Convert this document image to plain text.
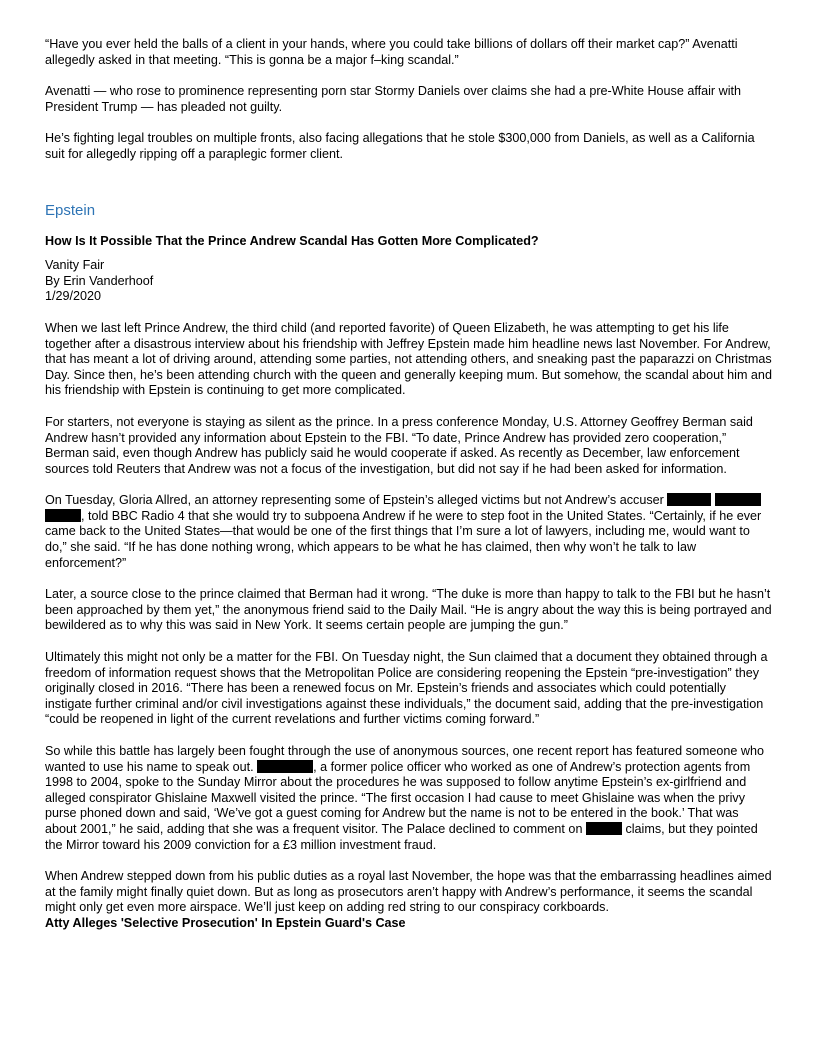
“Have you ever held the balls of a client in your hands, where you could take billions of dollars off their market cap?” Avenatti allegedly asked in that meeting. “This is gonna be a major f–king scandal.”

Avenatti — who rose to prominence representing porn star Stormy Daniels over claims she had a pre-White House affair with President Trump — has pleaded not guilty.

He’s fighting legal troubles on multiple fronts, also facing allegations that he stole $300,000 from Daniels, as well as a California suit for allegedly ripping off a paraplegic former client.

Epstein
How Is It Possible That the Prince Andrew Scandal Has Gotten More Complicated?
Vanity Fair
By Erin Vanderhoof
1/29/2020

When we last left Prince Andrew, the third child (and reported favorite) of Queen Elizabeth, he was attempting to get his life together after a disastrous interview about his friendship with Jeffrey Epstein made him headline news last November. For Andrew, that has meant a lot of driving around, attending some parties, not attending others, and sneaking past the paparazzi on Christmas Day. Since then, he’s been attending church with the queen and generally keeping mum. But somehow, the scandal about him and his friendship with Epstein is continuing to get more complicated.

For starters, not everyone is staying as silent as the prince. In a press conference Monday, U.S. Attorney Geoffrey Berman said Andrew hasn’t provided any information about Epstein to the FBI. “To date, Prince Andrew has provided zero cooperation,” Berman said, even though Andrew has publicly said he would cooperate if asked. As recently as December, law enforcement sources told Reuters that Andrew was not a focus of the investigation, but did not say if he had been asked for information.

On Tuesday, Gloria Allred, an attorney representing some of Epstein’s alleged victims but not Andrew’s accuser   , told BBC Radio 4 that she would try to subpoena Andrew if he were to step foot in the United States. “Certainly, if he ever came back to the United States—that would be one of the first things that I’m sure a lot of lawyers, including me, would want to do,” she said. “If he has done nothing wrong, which appears to be what he has claimed, then why won’t he talk to law enforcement?”

Later, a source close to the prince claimed that Berman had it wrong. “The duke is more than happy to talk to the FBI but he hasn’t been approached by them yet,” the anonymous friend said to the Daily Mail. “He is angry about the way this is being portrayed and bewildered as to why this was said in New York. It seems certain people are jumping the gun.”

Ultimately this might not only be a matter for the FBI. On Tuesday night, the Sun claimed that a document they obtained through a freedom of information request shows that the Metropolitan Police are considering reopening the Epstein “pre-investigation” they originally closed in 2016. “There has been a renewed focus on Mr. Epstein’s friends and associates which could potentially instigate further criminal and/or civil investigations against these individuals,” the document said, adding that the pre-investigation “could be reopened in light of the current revelations and further victims coming forward.”

So while this battle has largely been fought through the use of anonymous sources, one recent report has featured someone who wanted to use his name to speak out.	, a former police officer who worked as one of Andrew’s protection agents from 1998 to 2004, spoke to the Sunday Mirror about the procedures he was supposed to follow anytime Epstein’s ex-girlfriend and alleged conspirator Ghislaine Maxwell visited the prince. “The first occasion I had cause to meet Ghislaine was when the privy purse phoned down and said, ‘We’ve got a guest coming for Andrew but the name is not to be entered in the book.’ That was about 2001,” he said, adding that she was a frequent visitor. The Palace declined to comment on	claims, but they pointed the Mirror toward his 2009 conviction for a £3 million investment fraud.

When Andrew stepped down from his public duties as a royal last November, the hope was that the embarrassing headlines aimed at the family might finally quiet down. But as long as prosecutors aren’t happy with Andrew’s performance, it seems the scandal might only get even more airspace. We’ll just keep on adding red string to our conspiracy corkboards.

Atty Alleges 'Selective Prosecution' In Epstein Guard's Case
